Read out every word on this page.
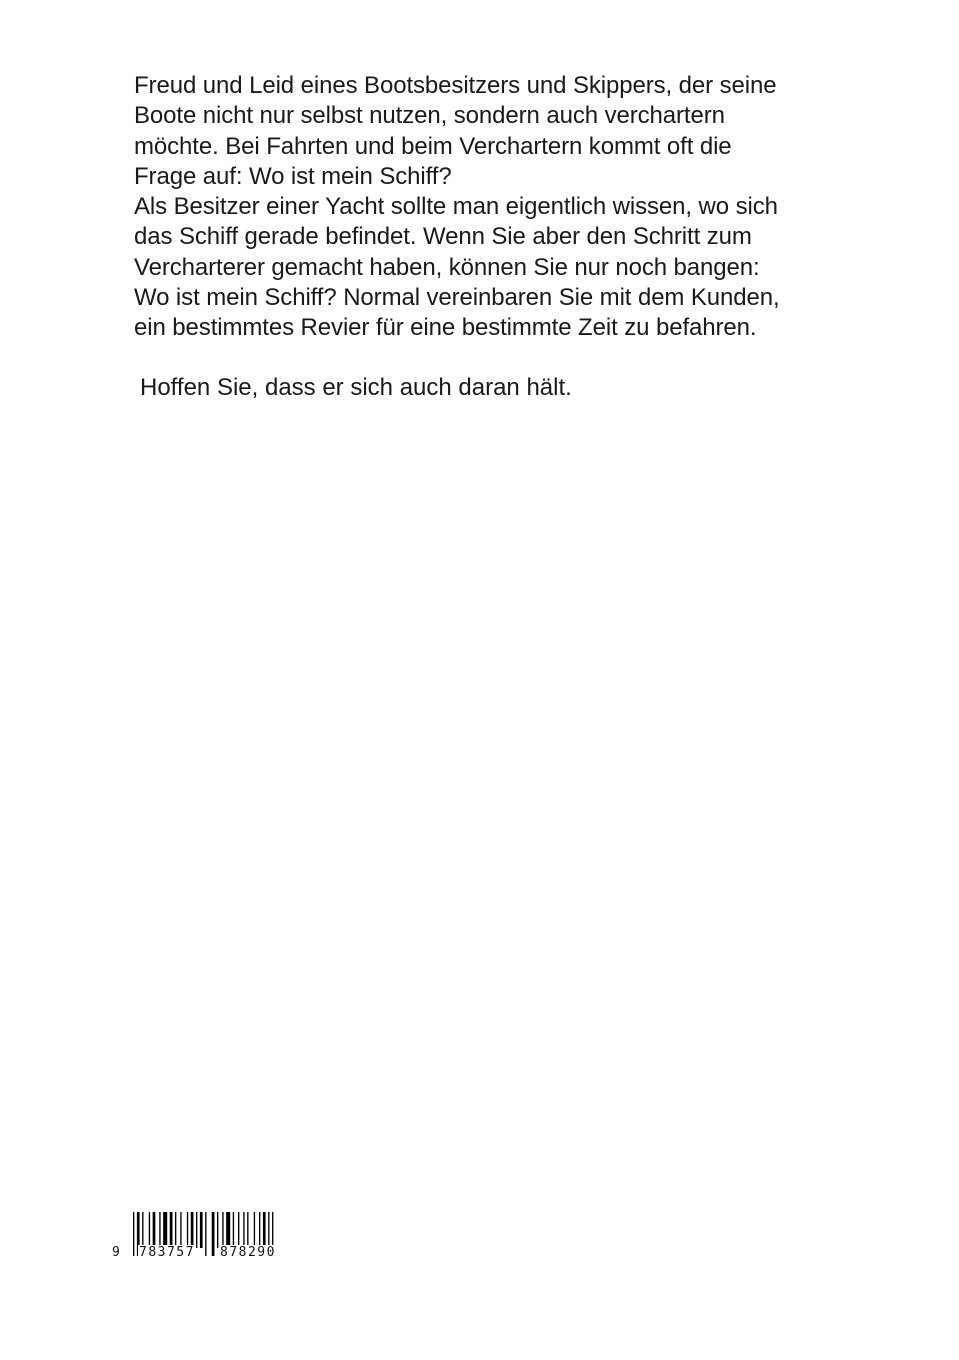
Freud und Leid eines Bootsbesitzers und Skippers, der seine
Boote nicht nur selbst nutzen, sondern auch verchartern
möchte. Bei Fahrten und beim Verchartern kommt oft die
Frage auf: Wo ist mein Schiff?
Als Besitzer einer Yacht sollte man eigentlich wissen, wo sich
das Schiff gerade befindet. Wenn Sie aber den Schritt zum
Vercharterer gemacht haben, können Sie nur noch bangen:
Wo ist mein Schiff? Normal vereinbaren Sie mit dem Kunden,
ein bestimmtes Revier für eine bestimmte Zeit zu befahren.
Hoffen Sie, dass er sich auch daran hält.
9 783757 878290
